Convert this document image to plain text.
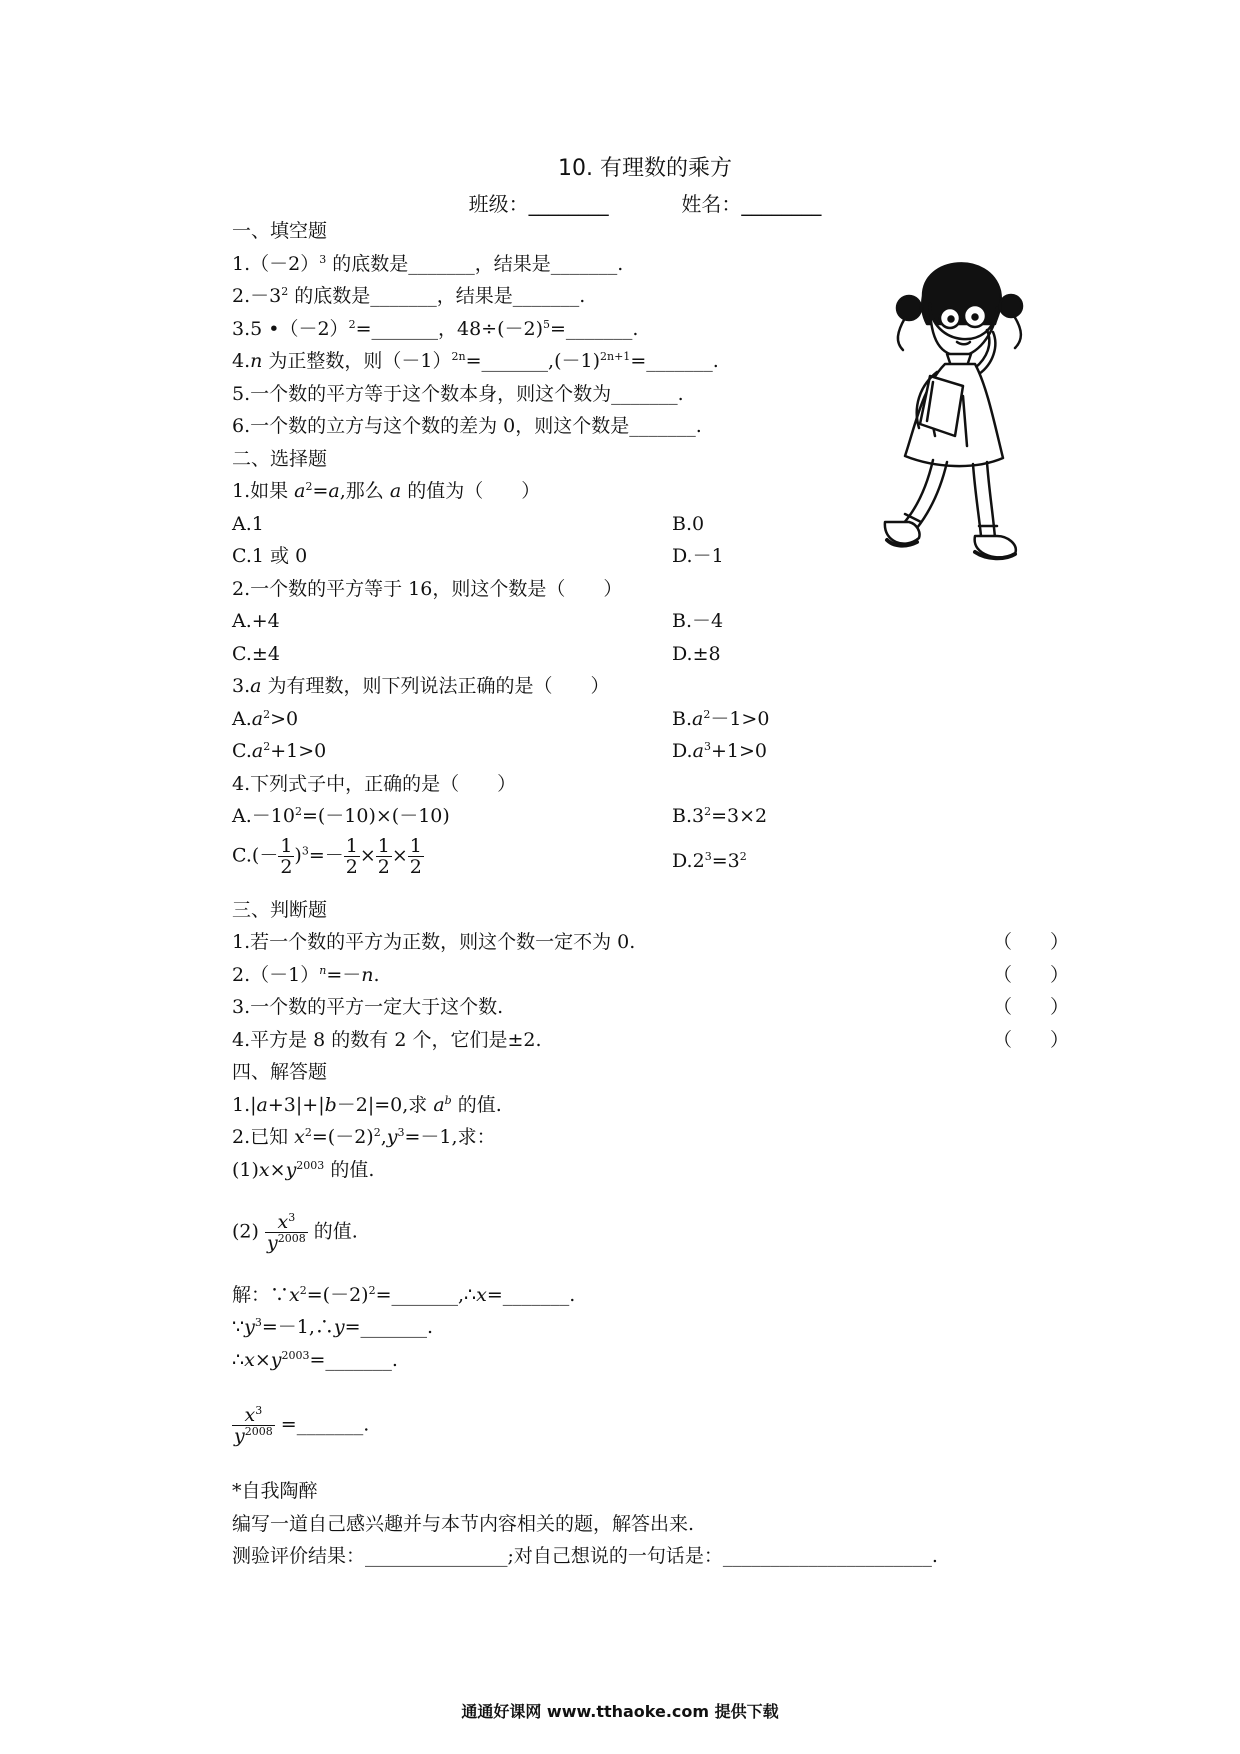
10. 有理数的乘方
班级：________	姓名：________
一、填空题
$1.(-2)^3$ 的底数是_______，结果是_______.
$2.-3^2$ 的底数是_______，结果是_______.
3.5 $•(-2)^2=\_\_\_\_\_\_\_$，$48\div(-2)^5=\_\_\_\_\_\_\_$.
4.n 为正整数，则$(-1)^{2n}=\_\_\_\_\_\_\_,(-1)^{2n+1}=\_\_\_\_\_\_\_$.
5.一个数的平方等于这个数本身，则这个数为_______.
6.一个数的立方与这个数的差为 0，则这个数是_______.
二、选择题
1.如果 $a^2=a$,那么 a 的值为（　　）
A.1	B.0
C.1 或 0	D.－1
2.一个数的平方等于 16，则这个数是（　　）
A.+4	B.－4
C.±4	D.±8
3.a 为有理数，则下列说法正确的是（　　）
$A.a^2>0$	$B.a^2-1>0$
$C.a^2+1>0$	$D.a^3+1>0$
4.下列式子中，正确的是（　　）
$A.-10^2=(-10)\times(-10)$	$B.3^2=3\times 2$
$C.(- \frac{1}{2} )^3=- \frac{1}{2} \times \frac{1}{2} \times \frac{1}{2}$	$D.2^3=3^2$
三、判断题
1.若一个数的平方为正数，则这个数一定不为 0.	（　　）
$2.(-1)^n=-n$.	（　　）
3.一个数的平方一定大于这个数.	（　　）
4.平方是 8 的数有 2 个，它们是±2.	（　　）
四、解答题
1.|a+3|+|b－2|=0,求 $a^b$ 的值.
2.已知 $x^2=(-2)^2,y^3=-1$,求：
$(1)x\times y^{2003}$ 的值.
$(2) \frac{x^3}{y^{2008}}$ 的值.
解：$\because x^2=(-2)^2=\_\_\_\_\_\_\_,\therefore x=\_\_\_\_\_\_\_$.
$\because y^3=-1,\therefore y=\_\_\_\_\_\_\_$.
$\therefore x\times y^{2003}=\_\_\_\_\_\_\_$.
$\frac{x^3}{y^{2008}}$ =_______.
*自我陶醉
编写一道自己感兴趣并与本节内容相关的题，解答出来.
测验评价结果：_______________;对自己想说的一句话是：______________________.
通通好课网 www.tthaoke.com 提供下载
